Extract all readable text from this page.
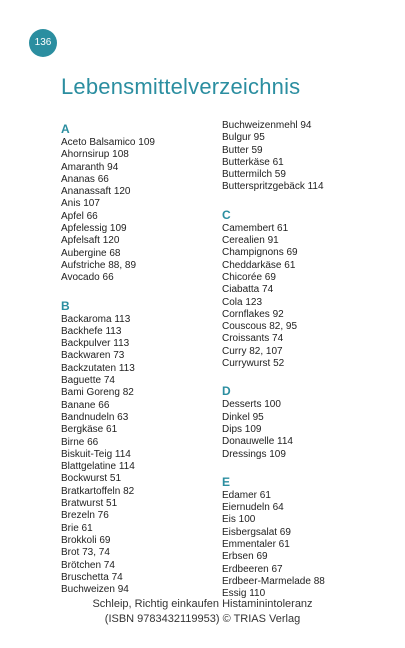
136
Lebensmittelverzeichnis
A
Aceto Balsamico 109
Ahornsirup 108
Amaranth 94
Ananas 66
Ananassaft 120
Anis 107
Apfel 66
Apfelessig 109
Apfelsaft 120
Aubergine 68
Aufstriche 88, 89
Avocado 66
B
Backaroma 113
Backhefe 113
Backpulver 113
Backwaren 73
Backzutaten 113
Baguette 74
Bami Goreng 82
Banane 66
Bandnudeln 63
Bergkäse 61
Birne 66
Biskuit-Teig 114
Blattgelatine 114
Bockwurst 51
Bratkartoffeln 82
Bratwurst 51
Brezeln 76
Brie 61
Brokkoli 69
Brot 73, 74
Brötchen 74
Bruschetta 74
Buchweizen 94
Buchweizenmehl 94
Bulgur 95
Butter 59
Butterkäse 61
Buttermilch 59
Butterspritzgebäck 114
C
Camembert 61
Cerealien 91
Champignons 69
Cheddarkäse 61
Chicorée 69
Ciabatta 74
Cola 123
Cornflakes 92
Couscous 82, 95
Croissants 74
Curry 82, 107
Currywurst 52
D
Desserts 100
Dinkel 95
Dips 109
Donauwelle 114
Dressings 109
E
Edamer 61
Eiernudeln 64
Eis 100
Eisbergsalat 69
Emmentaler 61
Erbsen 69
Erdbeeren 67
Erdbeer-Marmelade 88
Essig 110
Schleip, Richtig einkaufen Histaminintoleranz
(ISBN 9783432119953) © TRIAS Verlag
